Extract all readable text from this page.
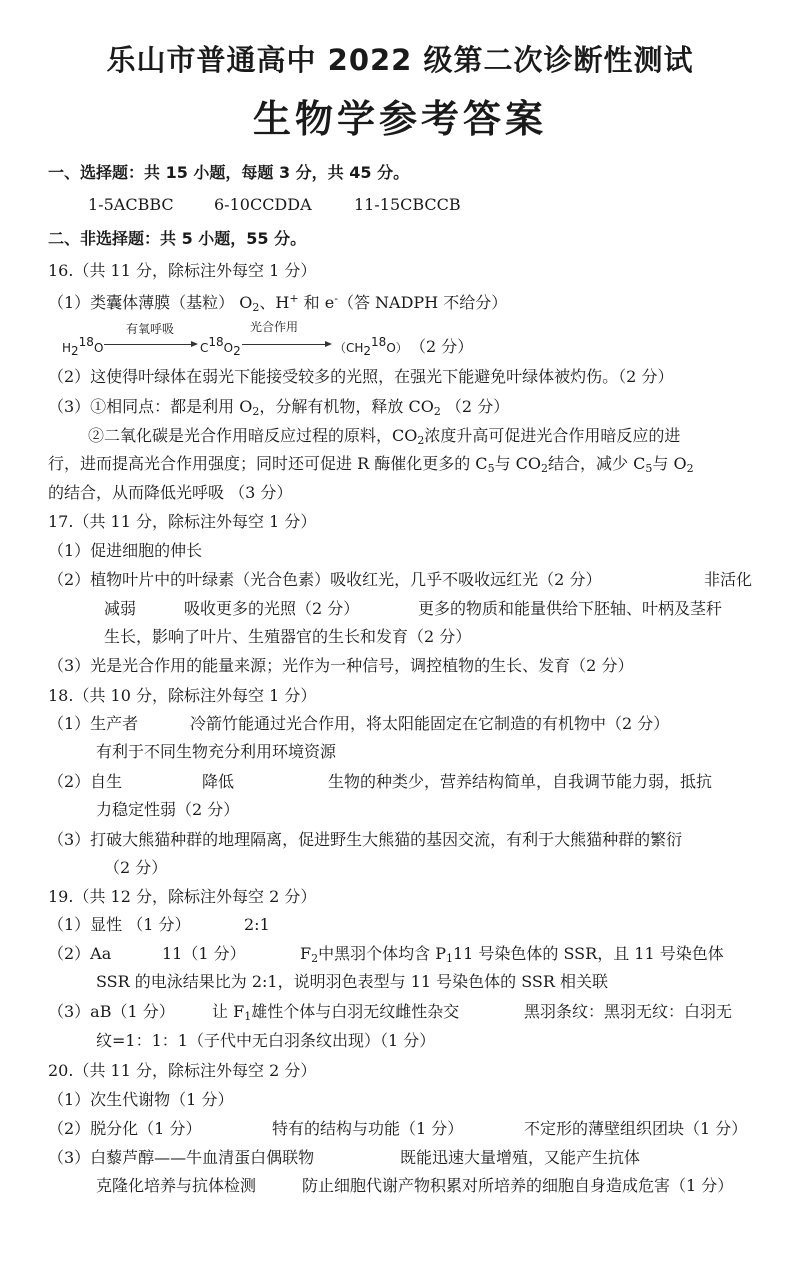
乐山市普通高中 2022 级第二次诊断性测试
生物学参考答案
一、选择题：共 15 小题，每题 3 分，共 45 分。
1-5ACBBC	6-10CCDDA	11-15CBCCB
二、非选择题：共 5 小题，55 分。
16.（共 11 分，除标注外每空 1 分）
（1）类囊体薄膜（基粒） $O_2$、H+ 和 e-（答 NADPH 不给分）
H218O
有氧呼吸
C18O2
光合作用
（CH218O） （2 分）
（2）这使得叶绿体在弱光下能接受较多的光照，在强光下能避免叶绿体被灼伤。（2 分）
（3）①相同点：都是利用 $O_2$，分解有机物，释放 $CO_2$ （2 分）
②二氧化碳是光合作用暗反应过程的原料，$CO_2$浓度升高可促进光合作用暗反应的进
行，进而提高光合作用强度；同时还可促进 R 酶催化更多的 $C_5$与 $CO_2$结合，减少 $C_5$与 $O_2$
的结合，从而降低光呼吸 （3 分）
17.（共 11 分，除标注外每空 1 分）
（1）促进细胞的伸长
（2）植物叶片中的叶绿素（光合色素）吸收红光，几乎不吸收远红光（2 分）	非活化
减弱	吸收更多的光照（2 分）	更多的物质和能量供给下胚轴、叶柄及茎秆
生长，影响了叶片、生殖器官的生长和发育（2 分）
（3）光是光合作用的能量来源；光作为一种信号，调控植物的生长、发育（2 分）
18.（共 10 分，除标注外每空 1 分）
（1）生产者	冷箭竹能通过光合作用，将太阳能固定在它制造的有机物中（2 分）
有利于不同生物充分利用环境资源
（2）自生	降低	生物的种类少，营养结构简单，自我调节能力弱，抵抗
力稳定性弱（2 分）
（3）打破大熊猫种群的地理隔离，促进野生大熊猫的基因交流，有利于大熊猫种群的繁衍
（2 分）
19.（共 12 分，除标注外每空 2 分）
（1）显性 （1 分）	2:1
（2）Aa	11（1 分）	$F_2$中黑羽个体均含 $P_111$ 号染色体的 SSR，且 11 号染色体
SSR 的电泳结果比为 2:1，说明羽色表型与 11 号染色体的 SSR 相关联
（3）aB（1 分） 让 $F_1$雄性个体与白羽无纹雌性杂交	黑羽条纹：黑羽无纹：白羽无
纹=1：1：1（子代中无白羽条纹出现）（1 分）
20.（共 11 分，除标注外每空 2 分）
（1）次生代谢物（1 分）
（2）脱分化（1 分）	特有的结构与功能（1 分）	不定形的薄壁组织团块（1 分）
（3）白藜芦醇——牛血清蛋白偶联物	既能迅速大量增殖，又能产生抗体
克隆化培养与抗体检测	防止细胞代谢产物积累对所培养的细胞自身造成危害（1 分）
